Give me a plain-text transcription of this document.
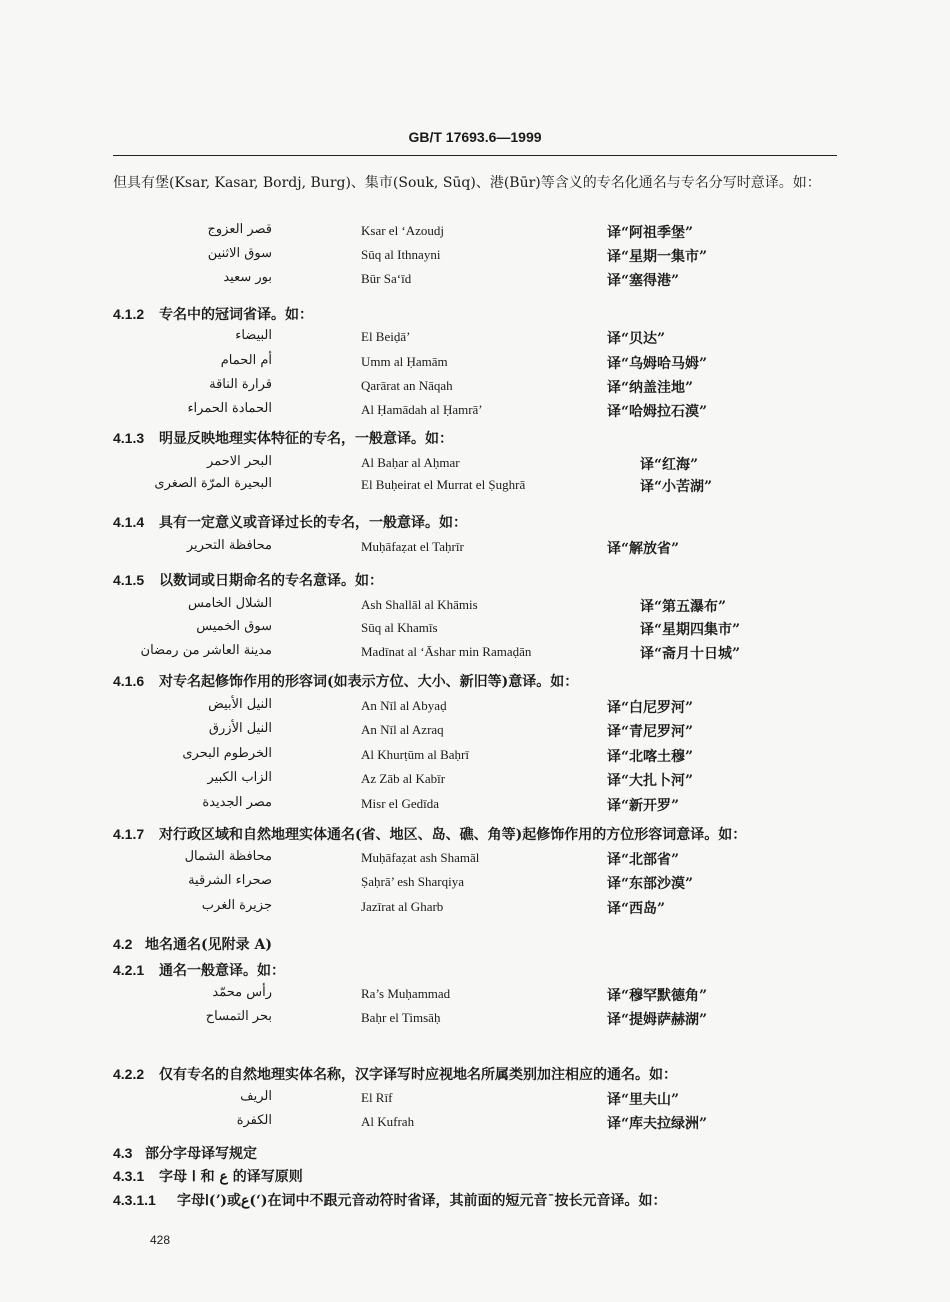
GB/T 17693.6—1999
但具有堡(Ksar, Kasar, Bordj, Burg)、集市(Souk, Sūq)、港(Būr)等含义的专名化通名与专名分写时意译。如：
قصر العزوج	Ksar el ‘Azoudj	译“阿祖季堡”
سوق الاثنين	Sūq al Ithnayni	译“星期一集市”
بور سعيد	Būr Sa‘īd	译“塞得港”
4.1.2 专名中的冠词省译。如：
البيضاء	El Beiḍā’	译“贝达”
أم الحمام	Umm al Ḥamām	译“乌姆哈马姆”
قرارة الناقة	Qarārat an Nāqah	译“纳盖洼地”
الحمادة الحمراء	Al Ḥamādah al Ḥamrā’	译“哈姆拉石漠”
4.1.3 明显反映地理实体特征的专名，一般意译。如：
البحر الاحمر	Al Baḥar al Aḥmar	译“红海”
البحيرة المرّة الصغرى	El Buḥeirat el Murrat el Ṣughrā	译“小苦湖”
4.1.4 具有一定意义或音译过长的专名，一般意译。如：
محافظة التحرير	Muḥāfaẓat el Taḥrīr	译“解放省”
4.1.5 以数词或日期命名的专名意译。如：
الشلال الخامس	Ash Shallāl al Khāmis	译“第五瀑布”
سوق الخميس	Sūq al Khamīs	译“星期四集市”
مدينة العاشر من رمضان	Madīnat al ‘Āshar min Ramaḍān	译“斋月十日城”
4.1.6 对专名起修饰作用的形容词(如表示方位、大小、新旧等)意译。如：
النيل الأبيض	An Nīl al Abyaḍ	译“白尼罗河”
النيل الأزرق	An Nīl al Azraq	译“青尼罗河”
الخرطوم البحرى	Al Khurṭūm al Baḥrī	译“北喀土穆”
الزاب الكبير	Az Zāb al Kabīr	译“大扎卜河”
مصر الجديدة	Misr el Gedīda	译“新开罗”
4.1.7 对行政区域和自然地理实体通名(省、地区、岛、礁、角等)起修饰作用的方位形容词意译。如：
محافظة الشمال	Muḥāfaẓat ash Shamāl	译“北部省”
صحراء الشرقية	Ṣaḥrā’ esh Sharqiya	译“东部沙漠”
جزيرة الغرب	Jazīrat al Gharb	译“西岛”
4.2 地名通名(见附录 A)
4.2.1 通名一般意译。如：
رأس محمّد	Ra’s Muḥammad	译“穆罕默德角”
بحر التمساح	Baḥr el Timsāḥ	译“提姆萨赫湖”
4.2.2 仅有专名的自然地理实体名称，汉字译写时应视地名所属类别加注相应的通名。如：
الريف	El Rīf	译“里夫山”
الكفرة	Al Kufrah	译“库夫拉绿洲”
4.3 部分字母译写规定
4.3.1 字母 ا 和 ع 的译写原则
4.3.1.1 字母ا(ʼ)或ع(ʻ)在词中不跟元音动符时省译，其前面的短元音ˉ按长元音译。如：
428
